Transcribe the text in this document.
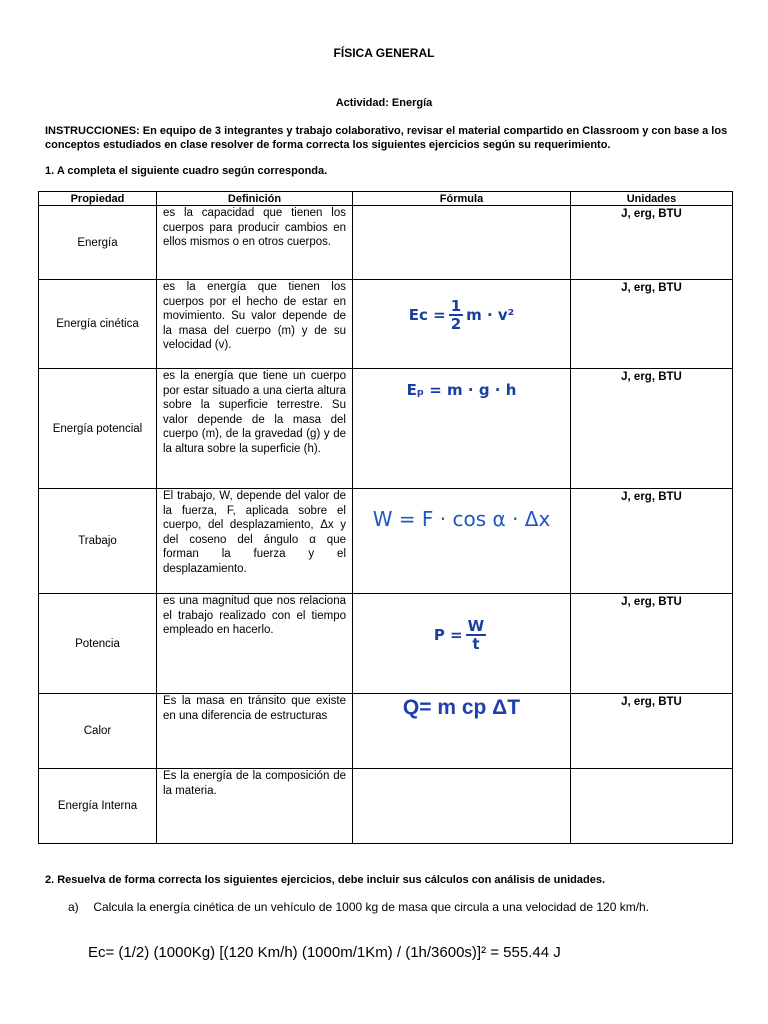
FÍSICA GENERAL
Actividad: Energía
INSTRUCCIONES: En equipo de 3 integrantes y trabajo colaborativo, revisar el material compartido en Classroom y con base a los conceptos estudiados en clase resolver de forma correcta los siguientes ejercicios según su requerimiento.
1. A completa el siguiente cuadro según corresponda.
Propiedad	Definición	Fórmula	Unidades
Energía	es la capacidad que tienen los cuerpos para producir cambios en ellos mismos o en otros cuerpos.		J, erg, BTU

Energía cinética	es la energía que tienen los cuerpos por el hecho de estar en movimiento. Su valor depende de la masa del cuerpo (m) y de su velocidad (v).	Eс = $\frac{1}{2}$ m · v²	J, erg, BTU

Energía potencial	es la energía que tiene un cuerpo por estar situado a una cierta altura sobre la superficie terrestre. Su valor depende de la masa del cuerpo (m), de la gravedad (g) y de la altura sobre la superficie (h).	Eₚ = m · g · h	J, erg, BTU

Trabajo	El trabajo, W, depende del valor de la fuerza, F, aplicada sobre el cuerpo, del desplazamiento, Δx y del coseno del ángulo α que forman la fuerza y el desplazamiento.	W = F · cos α · Δx	J, erg, BTU

Potencia	es una magnitud que nos relaciona el trabajo realizado con el tiempo empleado en hacerlo.	$P = \frac{W}{t}$	J, erg, BTU

Calor	Es la masa en tránsito que existe en una diferencia de estructuras	Q= m cp ΔT	J, erg, BTU

Energía Interna	Es la energía de la composición de la materia.		
2. Resuelva de forma correcta los siguientes ejercicios, debe incluir sus cálculos con análisis de unidades.
a) Calcula la energía cinética de un vehículo de 1000 kg de masa que circula a una velocidad de 120 km/h.
Ec= (1/2) (1000Kg) [(120 Km/h) (1000m/1Km) / (1h/3600s)]² = 555.44 J
